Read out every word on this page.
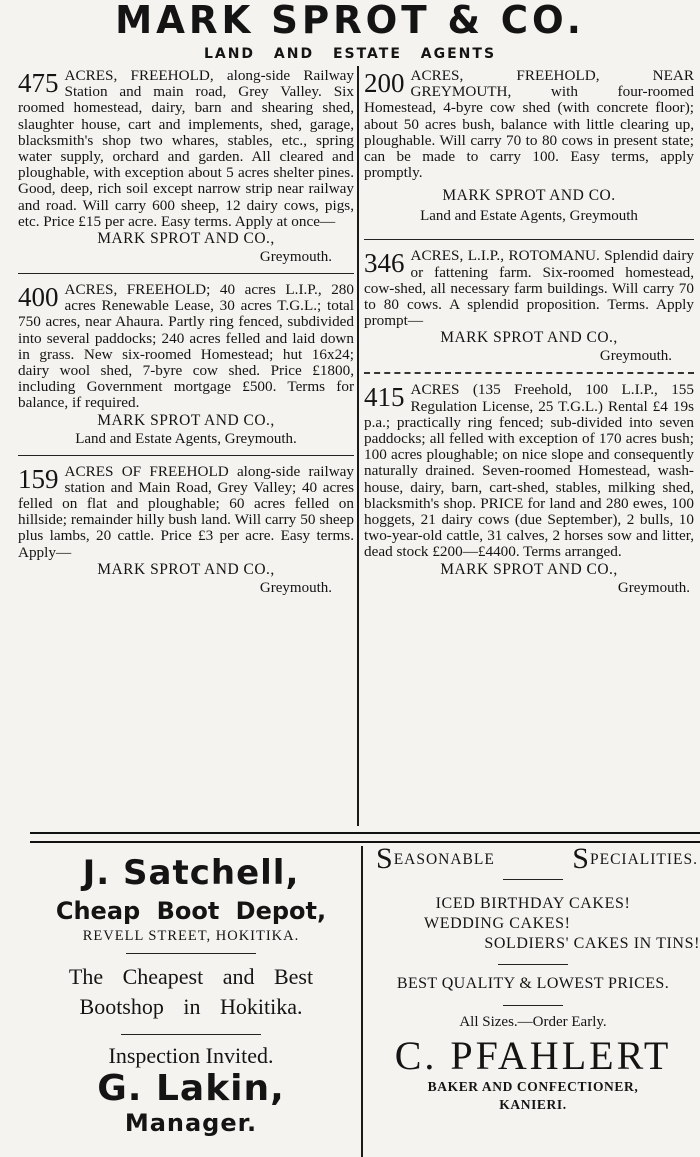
MARK SPROT & CO.
LAND AND ESTATE AGENTS

475 ACRES, FREEHOLD, along-side Railway Station and main road, Grey Valley. Six roomed homestead, dairy, barn and shearing shed, slaughter house, cart and implements, shed, garage, blacksmith's shop two whares, stables, etc., spring water supply, orchard and garden. All cleared and ploughable, with exception about 5 acres shelter pines. Good, deep, rich soil except narrow strip near railway and road. Will carry 600 sheep, 12 dairy cows, pigs, etc. Price £15 per acre. Easy terms. Apply at once—

MARK SPROT AND CO.,
Greymouth.

400 ACRES, FREEHOLD; 40 acres L.I.P., 280 acres Renewable Lease, 30 acres T.G.L.; total 750 acres, near Ahaura. Partly ring fenced, subdivided into several paddocks; 240 acres felled and laid down in grass. New six-roomed Homestead; hut 16x24; dairy wool shed, 7-byre cow shed. Price £1800, including Government mortgage £500. Terms for balance, if required.

MARK SPROT AND CO.,
Land and Estate Agents, Greymouth.

159 ACRES OF FREEHOLD along-side railway station and Main Road, Grey Valley; 40 acres felled on flat and ploughable; 60 acres felled on hillside; remainder hilly bush land. Will carry 50 sheep plus lambs, 20 cattle. Price £3 per acre. Easy terms. Apply—

MARK SPROT AND CO.,
Greymouth.

200 ACRES, FREEHOLD, NEAR GREYMOUTH, with four-roomed Homestead, 4-byre cow shed (with concrete floor); about 50 acres bush, balance with little clearing up, ploughable. Will carry 70 to 80 cows in present state; can be made to carry 100. Easy terms, apply promptly.

MARK SPROT AND CO.
Land and Estate Agents, Greymouth

346 ACRES, L.I.P., ROTOMANU. Splendid dairy or fattening farm. Six-roomed homestead, cow-shed, all necessary farm buildings. Will carry 70 to 80 cows. A splendid proposition. Terms. Apply prompt—

MARK SPROT AND CO.,
Greymouth.

415 ACRES (135 Freehold, 100 L.I.P., 155 Regulation License, 25 T.G.L.) Rental £4 19s p.a.; practically ring fenced; sub-divided into seven paddocks; all felled with exception of 170 acres bush; 100 acres ploughable; on nice slope and consequently naturally drained. Seven-roomed Homestead, wash-house, dairy, barn, cart-shed, stables, milking shed, blacksmith's shop. PRICE for land and 280 ewes, 100 hoggets, 21 dairy cows (due September), 2 bulls, 10 two-year-old cattle, 31 calves, 2 horses sow and litter, dead stock £200—£4400. Terms arranged.

MARK SPROT AND CO.,
Greymouth.
J. Satchell,
Cheap Boot Depot,
REVELL STREET, HOKITIKA.
The Cheapest and Best
Bootshop in Hokitika.
Inspection Invited.
G. Lakin,
Manager.
SEASONABLE	SPECIALITIES.
ICED BIRTHDAY CAKES!
WEDDING CAKES!
SOLDIERS' CAKES IN TINS!
BEST QUALITY & LOWEST PRICES.
All Sizes.—Order Early.
C. PFAHLERT
BAKER AND CONFECTIONER,
KANIERI.
